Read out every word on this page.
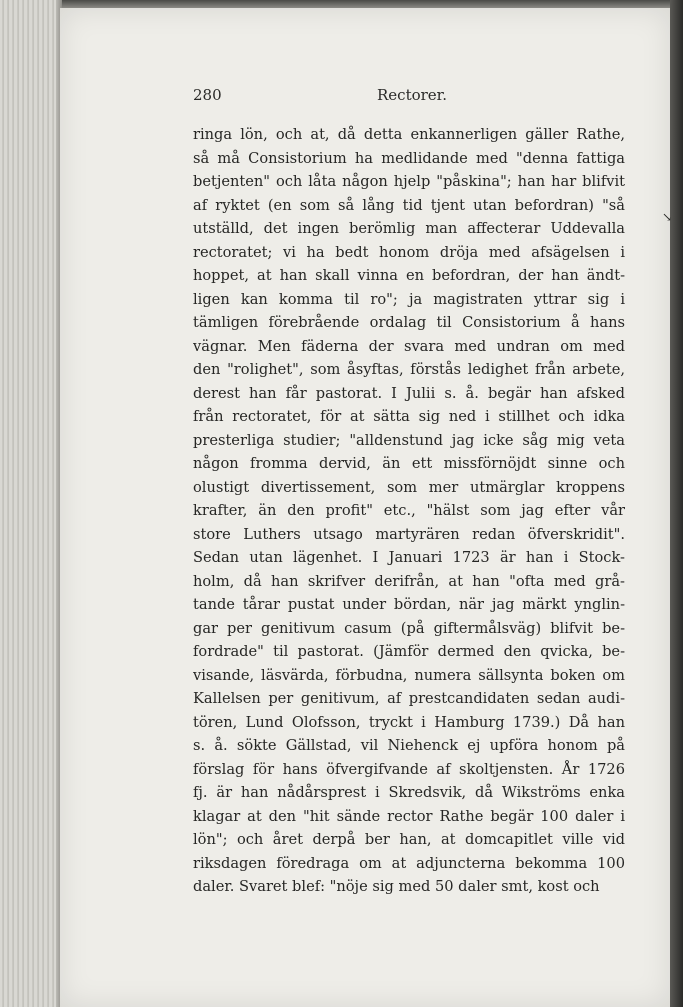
↘
280	Rectorer.
ringa lön, och at, då detta enkannerligen gäller Rathe,
så må Consistorium ha medlidande med "denna fattiga
betjenten" och låta någon hjelp "påskina"; han har blifvit
af ryktet (en som så lång tid tjent utan befordran) "så
utställd, det ingen berömlig man affecterar Uddevalla
rectoratet; vi ha bedt honom dröja med afsägelsen i
hoppet, at han skall vinna en befordran, der han ändt-
ligen kan komma til ro"; ja magistraten yttrar sig i
tämligen förebrående ordalag til Consistorium å hans
vägnar. Men fäderna der svara med undran om med
den "rolighet", som åsyftas, förstås ledighet från arbete,
derest han får pastorat. I Julii s. å. begär han afsked
från rectoratet, för at sätta sig ned i stillhet och idka
presterliga studier; "alldenstund jag icke såg mig veta
någon fromma dervid, än ett missförnöjdt sinne och
olustigt divertissement, som mer utmärglar kroppens
krafter, än den profit" etc., "hälst som jag efter vår
store Luthers utsago martyrären redan öfverskridit".
Sedan utan lägenhet. I Januari 1723 är han i Stock-
holm, då han skrifver derifrån, at han "ofta med grå-
tande tårar pustat under bördan, när jag märkt ynglin-
gar per genitivum casum (på giftermålsväg) blifvit be-
fordrade" til pastorat. (Jämför dermed den qvicka, be-
visande, läsvärda, förbudna, numera sällsynta boken om
Kallelsen per genitivum, af prestcandidaten sedan audi-
tören, Lund Olofsson, tryckt i Hamburg 1739.) Då han
s. å. sökte Gällstad, vil Niehenck ej upföra honom på
förslag för hans öfvergifvande af skoltjensten. År 1726
fj. är han nådårsprest i Skredsvik, då Wikströms enka
klagar at den "hit sände rector Rathe begär 100 daler i
lön"; och året derpå ber han, at domcapitlet ville vid
riksdagen föredraga om at adjuncterna bekomma 100
daler. Svaret blef: "nöje sig med 50 daler smt, kost och
